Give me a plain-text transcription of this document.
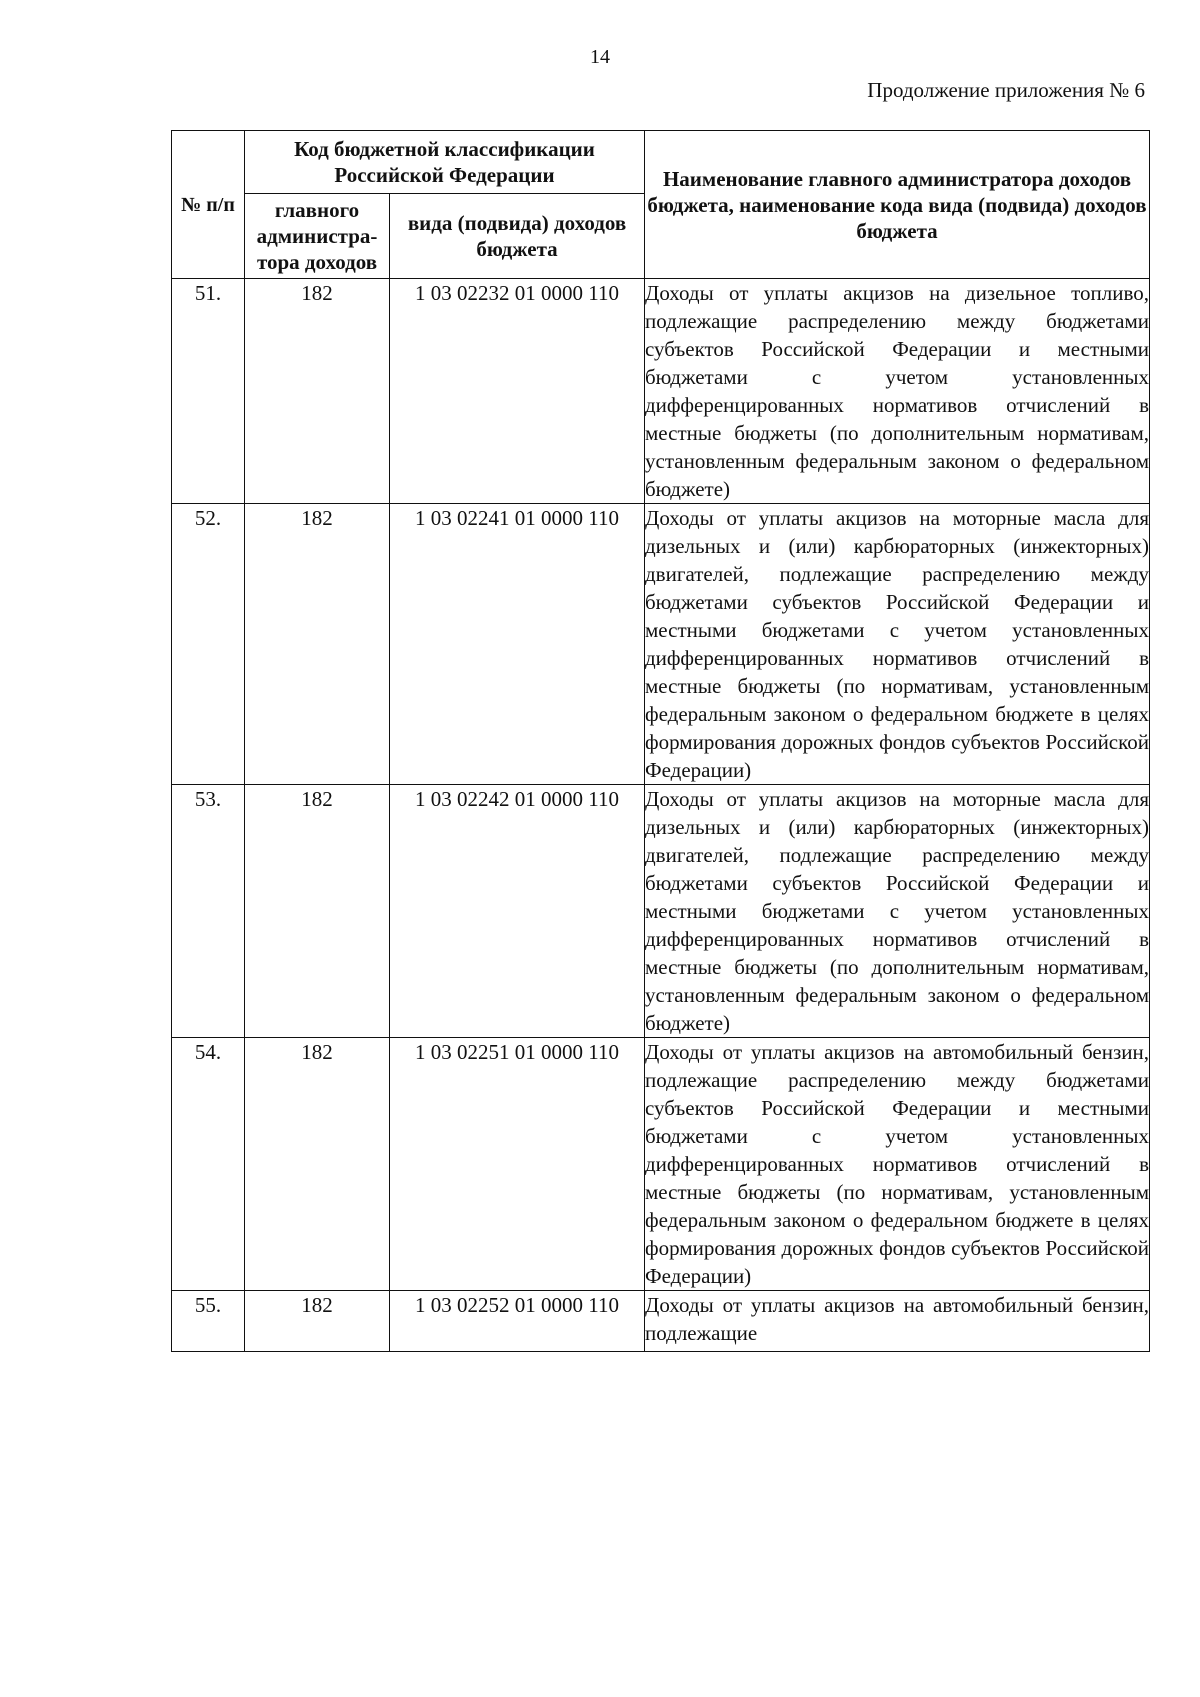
14
Продолжение приложения № 6
№ п/п	Код бюджетной классификации Российской Федерации		Наименование главного администратора доходов бюджета, наименование кода вида (подвида) доходов бюджета
	главного администра-тора доходов	вида (подвида) доходов бюджета	
51.	182	1 03 02232 01 0000 110	Доходы от уплаты акцизов на дизельное топливо, подлежащие распределению между бюджетами субъектов Российской Федерации и местными бюджетами с учетом установленных дифференцированных нормативов отчислений в местные бюджеты (по дополнительным нормативам, установленным федеральным законом о федеральном бюджете)
52.	182	1 03 02241 01 0000 110	Доходы от уплаты акцизов на моторные масла для дизельных и (или) карбюраторных (инжекторных) двигателей, подлежащие распределению между бюджетами субъектов Российской Федерации и местными бюджетами с учетом установленных дифференцированных нормативов отчислений в местные бюджеты (по нормативам, установленным федеральным законом о федеральном бюджете в целях формирования дорожных фондов субъектов Российской Федерации)
53.	182	1 03 02242 01 0000 110	Доходы от уплаты акцизов на моторные масла для дизельных и (или) карбюраторных (инжекторных) двигателей, подлежащие распределению между бюджетами субъектов Российской Федерации и местными бюджетами с учетом установленных дифференцированных нормативов отчислений в местные бюджеты (по дополнительным нормативам, установленным федеральным законом о федеральном бюджете)
54.	182	1 03 02251 01 0000 110	Доходы от уплаты акцизов на автомобильный бензин, подлежащие распределению между бюджетами субъектов Российской Федерации и местными бюджетами с учетом установленных дифференцированных нормативов отчислений в местные бюджеты (по нормативам, установленным федеральным законом о федеральном бюджете в целях формирования дорожных фондов субъектов Российской Федерации)
55.	182	1 03 02252 01 0000 110	Доходы от уплаты акцизов на автомобильный бензин, подлежащие
